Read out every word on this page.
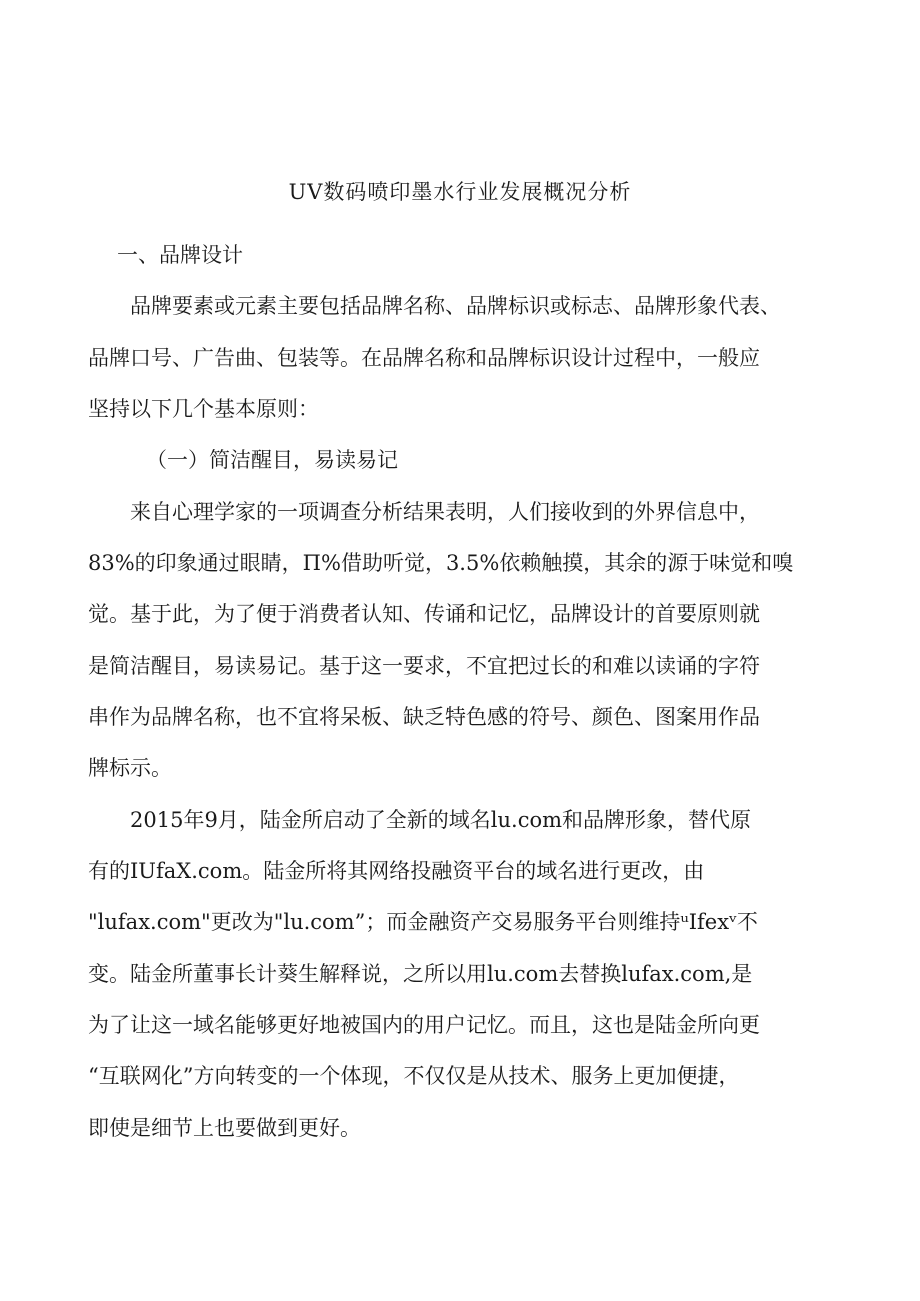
UV数码喷印墨水行业发展概况分析
一、品牌设计
品牌要素或元素主要包括品牌名称、品牌标识或标志、品牌形象代表、
品牌口号、广告曲、包装等。在品牌名称和品牌标识设计过程中，一般应
坚持以下几个基本原则：
（一）简洁醒目，易读易记
来自心理学家的一项调查分析结果表明，人们接收到的外界信息中，
83%的印象通过眼睛，Π%借助听觉，3.5%依赖触摸，其余的源于味觉和嗅
觉。基于此，为了便于消费者认知、传诵和记忆，品牌设计的首要原则就
是简洁醒目，易读易记。基于这一要求，不宜把过长的和难以读诵的字符
串作为品牌名称，也不宜将呆板、缺乏特色感的符号、颜色、图案用作品
牌标示。
2015年9月，陆金所启动了全新的域名lu.com和品牌形象，替代原
有的IUfaX.com。陆金所将其网络投融资平台的域名进行更改，由
"lufax.com"更改为"lu.com”；而金融资产交易服务平台则维持ᵘIfexᵛ不
变。陆金所董事长计葵生解释说，之所以用lu.com去替换lufax.com,是
为了让这一域名能够更好地被国内的用户记忆。而且，这也是陆金所向更
“互联网化”方向转变的一个体现，不仅仅是从技术、服务上更加便捷，
即使是细节上也要做到更好。
